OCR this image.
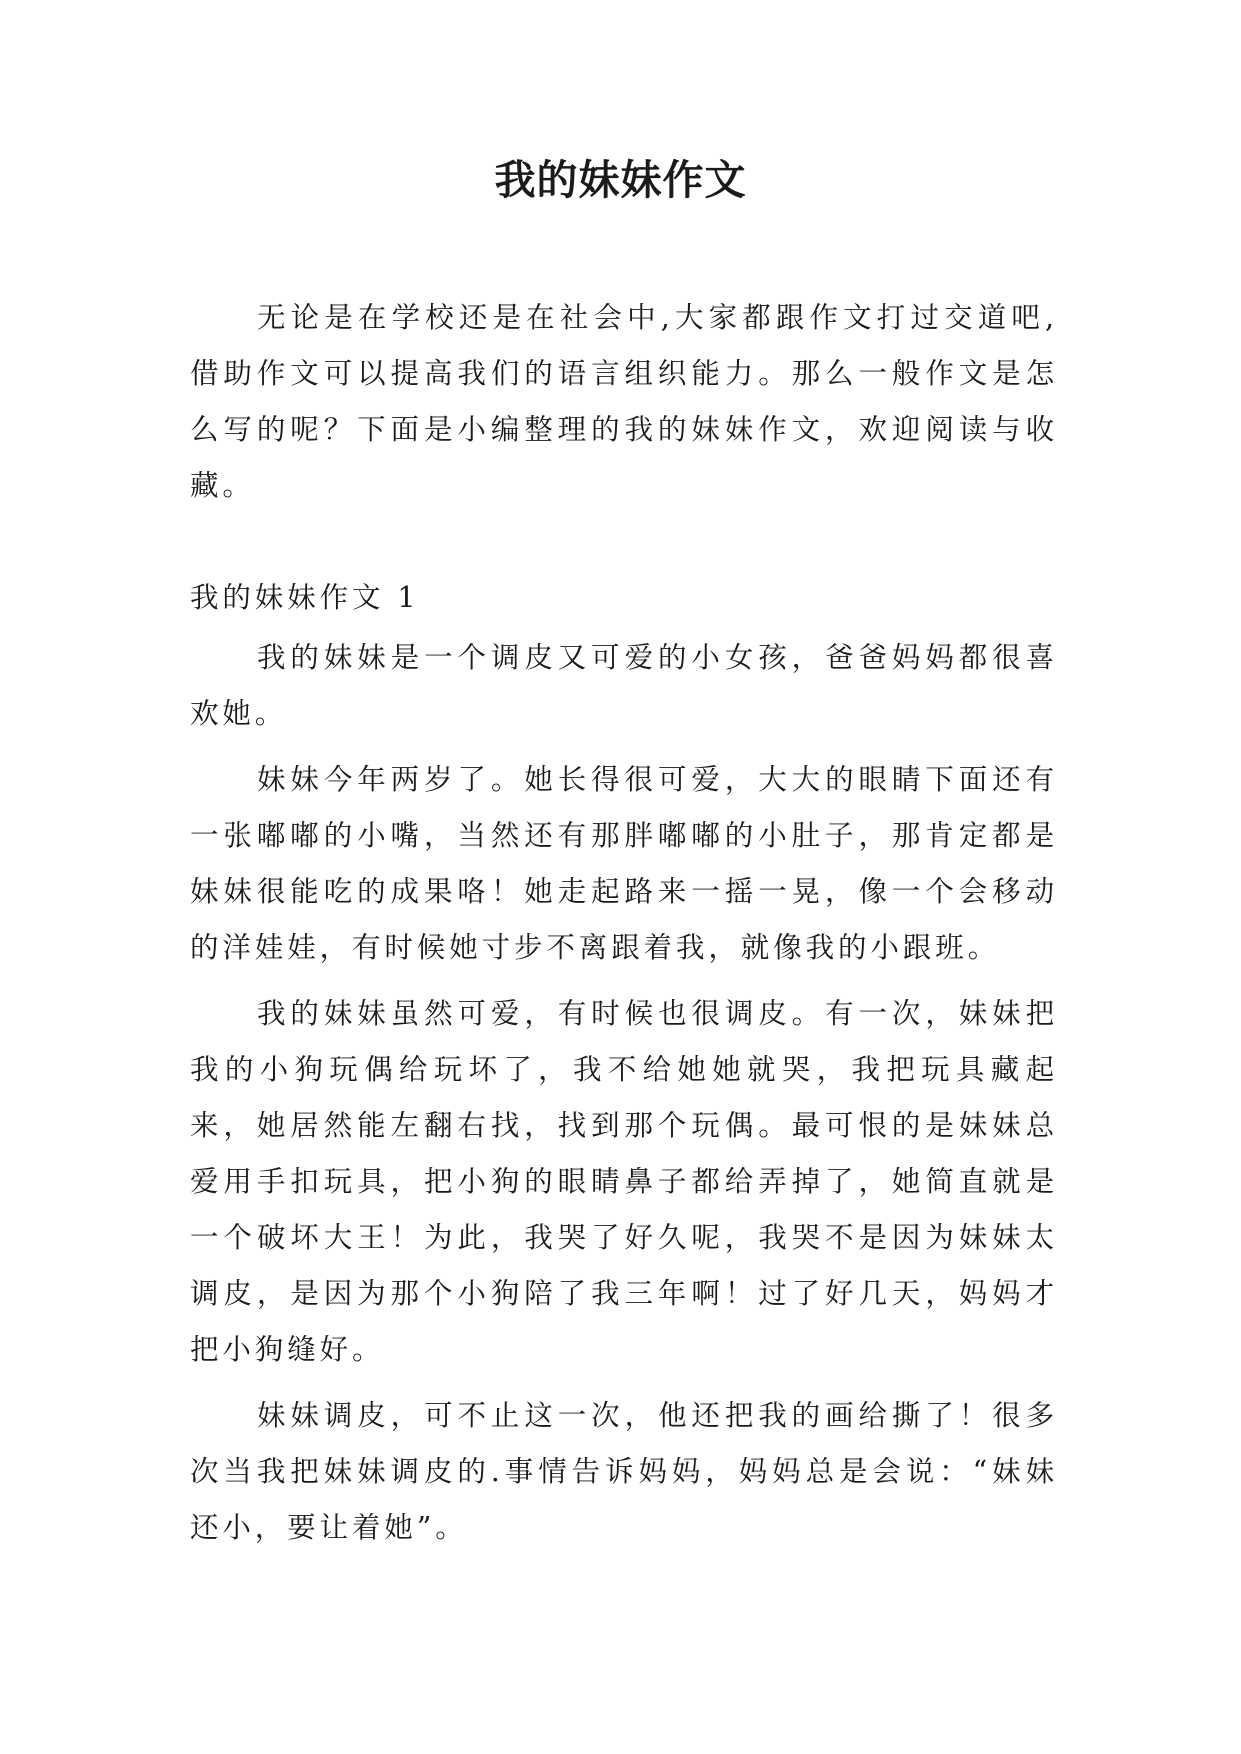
我的妹妹作文

无论是在学校还是在社会中,大家都跟作文打过交道吧,借助作文可以提高我们的语言组织能力。那么一般作文是怎么写的呢？下面是小编整理的我的妹妹作文，欢迎阅读与收藏。

我的妹妹作文 1

我的妹妹是一个调皮又可爱的小女孩，爸爸妈妈都很喜欢她。

妹妹今年两岁了。她长得很可爱，大大的眼睛下面还有一张嘟嘟的小嘴，当然还有那胖嘟嘟的小肚子，那肯定都是妹妹很能吃的成果咯！她走起路来一摇一晃，像一个会移动的洋娃娃，有时候她寸步不离跟着我，就像我的小跟班。

我的妹妹虽然可爱，有时候也很调皮。有一次，妹妹把我的小狗玩偶给玩坏了，我不给她她就哭，我把玩具藏起来，她居然能左翻右找，找到那个玩偶。最可恨的是妹妹总爱用手扣玩具，把小狗的眼睛鼻子都给弄掉了，她简直就是一个破坏大王！为此，我哭了好久呢，我哭不是因为妹妹太调皮，是因为那个小狗陪了我三年啊！过了好几天，妈妈才把小狗缝好。

妹妹调皮，可不止这一次，他还把我的画给撕了！很多次当我把妹妹调皮的.事情告诉妈妈，妈妈总是会说：“妹妹还小，要让着她”。
